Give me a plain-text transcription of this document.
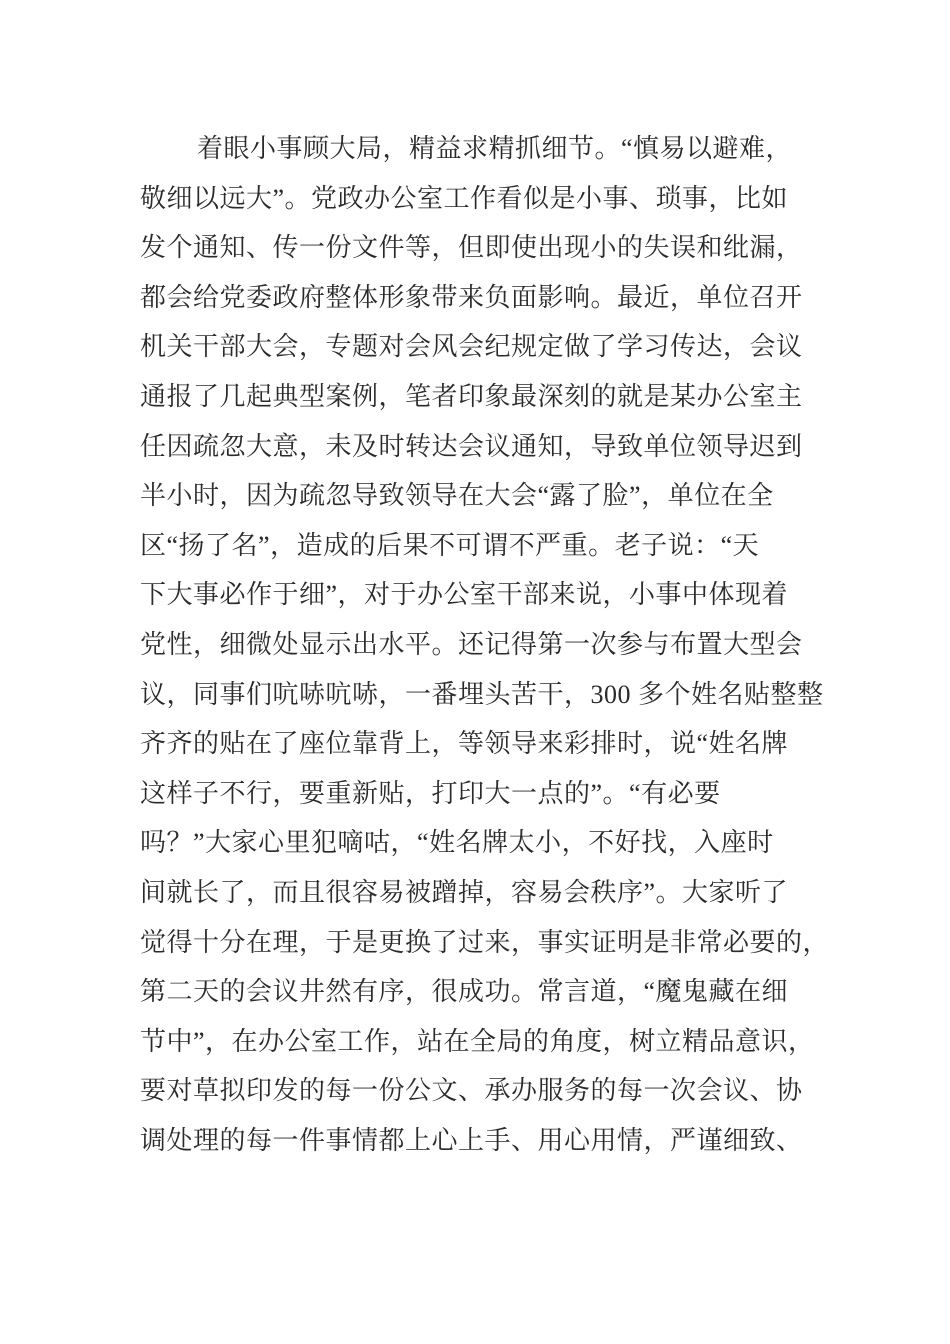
着眼小事顾大局，精益求精抓细节。“慎易以避难，
敬细以远大”。党政办公室工作看似是小事、琐事，比如
发个通知、传一份文件等，但即使出现小的失误和纰漏，
都会给党委政府整体形象带来负面影响。最近，单位召开
机关干部大会，专题对会风会纪规定做了学习传达，会议
通报了几起典型案例，笔者印象最深刻的就是某办公室主
任因疏忽大意，未及时转达会议通知，导致单位领导迟到
半小时，因为疏忽导致领导在大会“露了脸”，单位在全
区“扬了名”，造成的后果不可谓不严重。老子说：“天
下大事必作于细”，对于办公室干部来说，小事中体现着
党性，细微处显示出水平。还记得第一次参与布置大型会
议，同事们吭哧吭哧，一番埋头苦干，300 多个姓名贴整整
齐齐的贴在了座位靠背上，等领导来彩排时，说“姓名牌
这样子不行，要重新贴，打印大一点的”。“有必要
吗？”大家心里犯嘀咕，“姓名牌太小，不好找，入座时
间就长了，而且很容易被蹭掉，容易会秩序”。大家听了
觉得十分在理，于是更换了过来，事实证明是非常必要的，
第二天的会议井然有序，很成功。常言道，“魔鬼藏在细
节中”，在办公室工作，站在全局的角度，树立精品意识，
要对草拟印发的每一份公文、承办服务的每一次会议、协
调处理的每一件事情都上心上手、用心用情，严谨细致、
